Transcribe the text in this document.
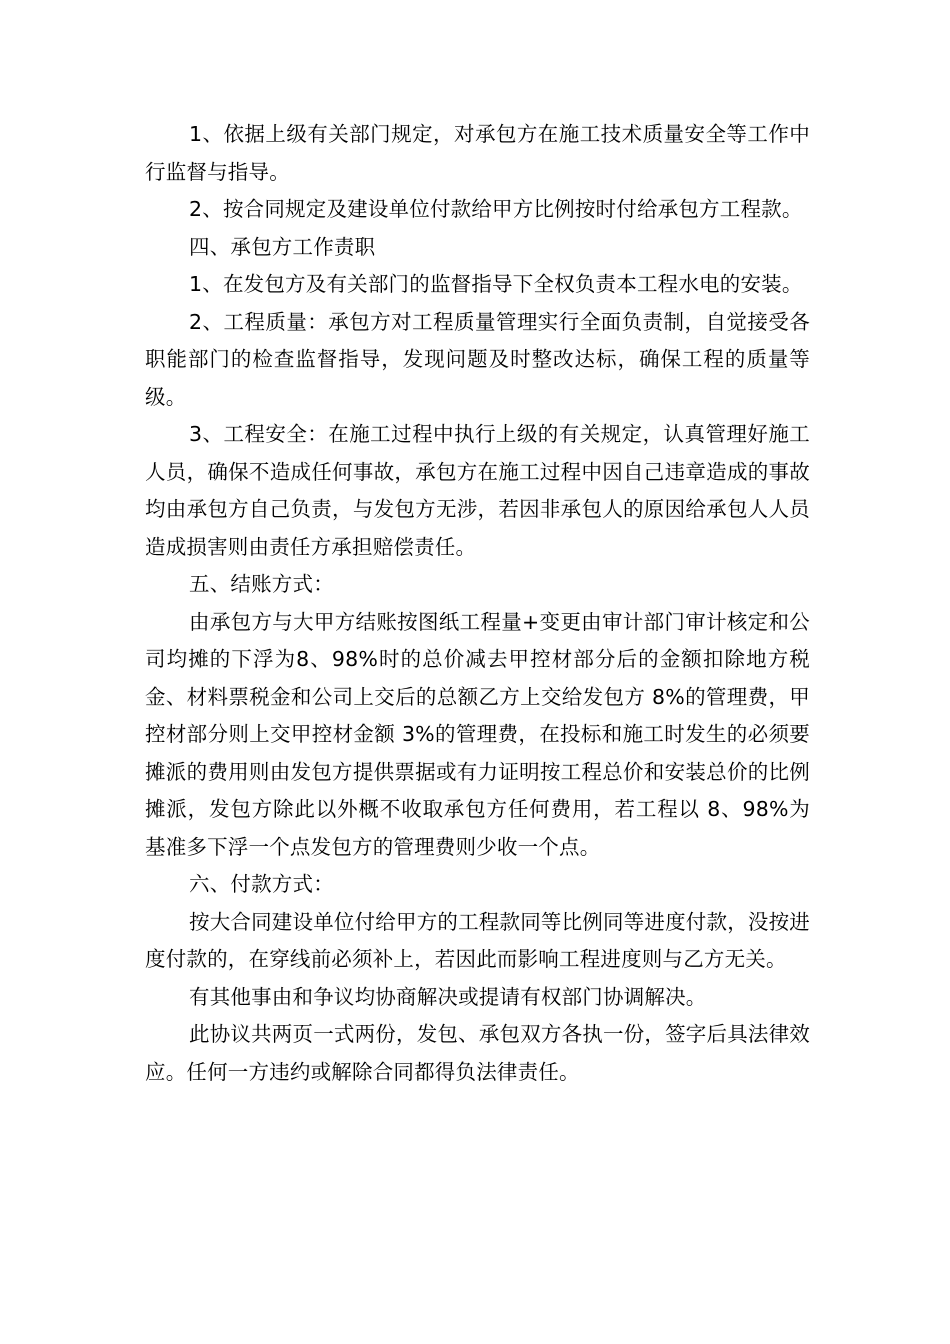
1、依据上级有关部门规定，对承包方在施工技术质量安全等工作中 行监督与指导。

2、按合同规定及建设单位付款给甲方比例按时付给承包方工程款。

四、承包方工作责职

1、在发包方及有关部门的监督指导下全权负责本工程水电的安装。

2、工程质量：承包方对工程质量管理实行全面负责制，自觉接受各职能部门的检查监督指导，发现问题及时整改达标，确保工程的质量等级。

3、工程安全：在施工过程中执行上级的有关规定，认真管理好施工人员，确保不造成任何事故，承包方在施工过程中因自己违章造成的事故均由承包方自己负责，与发包方无涉，若因非承包人的原因给承包人人员造成损害则由责任方承担赔偿责任。

五、结账方式：

由承包方与大甲方结账按图纸工程量+变更由审计部门审计核定和公司均摊的下浮为8、98%时的总价减去甲控材部分后的金额扣除地方税金、材料票税金和公司上交后的总额乙方上交给发包方 8%的管理费，甲控材部分则上交甲控材金额 3%的管理费，在投标和施工时发生的必须要摊派的费用则由发包方提供票据或有力证明按工程总价和安装总价的比例摊派，发包方除此以外概不收取承包方任何费用，若工程以 8、98%为基准多下浮一个点发包方的管理费则少收一个点。

六、付款方式：

按大合同建设单位付给甲方的工程款同等比例同等进度付款，没按进度付款的，在穿线前必须补上，若因此而影响工程进度则与乙方无关。

有其他事由和争议均协商解决或提请有权部门协调解决。

此协议共两页一式两份，发包、承包双方各执一份，签字后具法律效应。任何一方违约或解除合同都得负法律责任。
